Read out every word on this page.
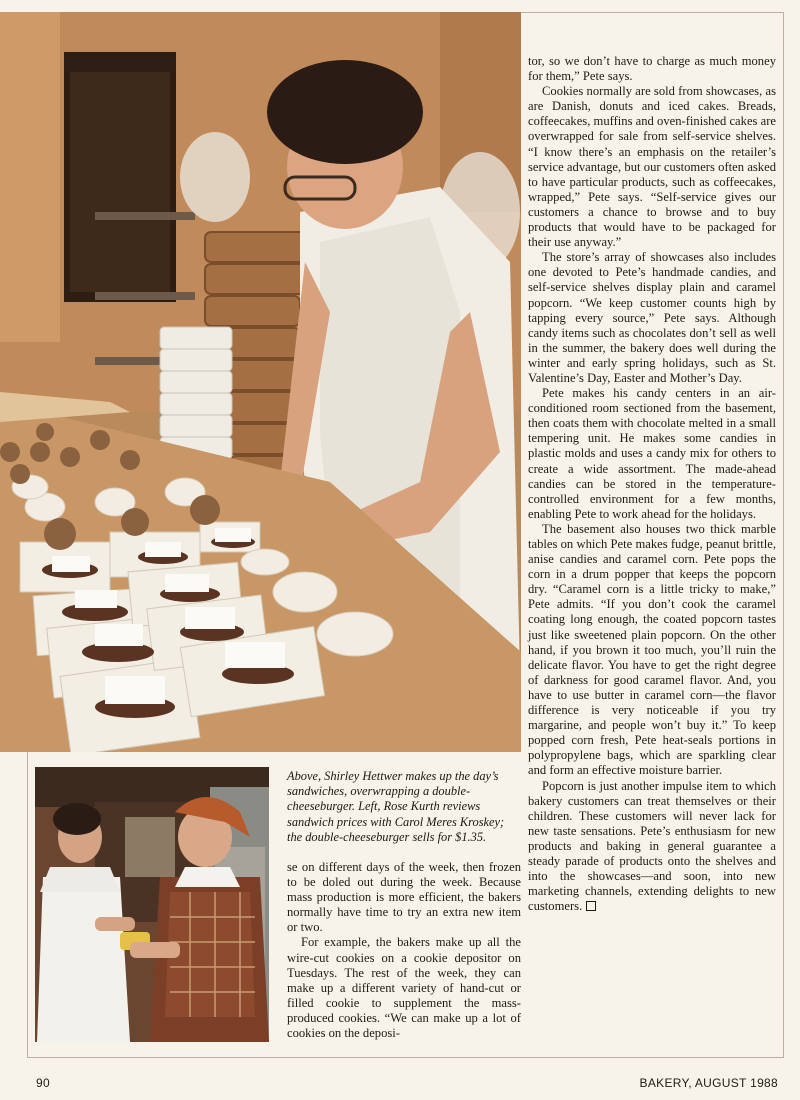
tor, so we don’t have to charge as much money for them,” Pete says.

Cookies normally are sold from showcases, as are Danish, donuts and iced cakes. Breads, coffeecakes, muffins and oven-finished cakes are overwrapped for sale from self-service shelves. “I know there’s an emphasis on the retailer’s service advantage, but our customers often asked to have particular products, such as coffeecakes, wrapped,” Pete says. “Self-service gives our customers a chance to browse and to buy products that would have to be packaged for their use anyway.”

The store’s array of showcases also includes one devoted to Pete’s handmade candies, and self-service shelves display plain and caramel popcorn. “We keep customer counts high by tapping every source,” Pete says. Although candy items such as chocolates don’t sell as well in the summer, the bakery does well during the winter and early spring holidays, such as St. Valentine’s Day, Easter and Mother’s Day.

Pete makes his candy centers in an air-conditioned room sectioned from the basement, then coats them with chocolate melted in a small tempering unit. He makes some candies in plastic molds and uses a candy mix for others to create a wide assortment. The made-ahead candies can be stored in the temperature-controlled environment for a few months, enabling Pete to work ahead for the holidays.

The basement also houses two thick marble tables on which Pete makes fudge, peanut brittle, anise candies and caramel corn. Pete pops the corn in a drum popper that keeps the popcorn dry. “Caramel corn is a little tricky to make,” Pete admits. “If you don’t cook the caramel coating long enough, the coated popcorn tastes just like sweetened plain popcorn. On the other hand, if you brown it too much, you’ll ruin the delicate flavor. You have to get the right degree of darkness for good caramel flavor. And, you have to use butter in caramel corn—the flavor difference is very noticeable if you try margarine, and people won’t buy it.” To keep popped corn fresh, Pete heat-seals portions in polypropylene bags, which are sparkling clear and form an effective moisture barrier.

Popcorn is just another impulse item to which bakery customers can treat themselves or their children. These customers will never lack for new taste sensations. Pete’s enthusiasm for new products and baking in general guarantee a steady parade of products onto the shelves and into the showcases—and soon, into new marketing channels, extending delights to new customers.

Above, Shirley Hettwer makes up the day’s sandwiches, overwrapping a double-cheeseburger. Left, Rose Kurth reviews sandwich prices with Carol Meres Kroskey; the double-cheeseburger sells for $1.35.

se on different days of the week, then frozen to be doled out during the week. Because mass production is more efficient, the bakers normally have time to try an extra new item or two.

For example, the bakers make up all the wire-cut cookies on a cookie depositor on Tuesdays. The rest of the week, they can make up a different variety of hand-cut or filled cookie to supplement the mass-produced cookies. “We can make up a lot of cookies on the deposi-

90	BAKERY, AUGUST 1988
